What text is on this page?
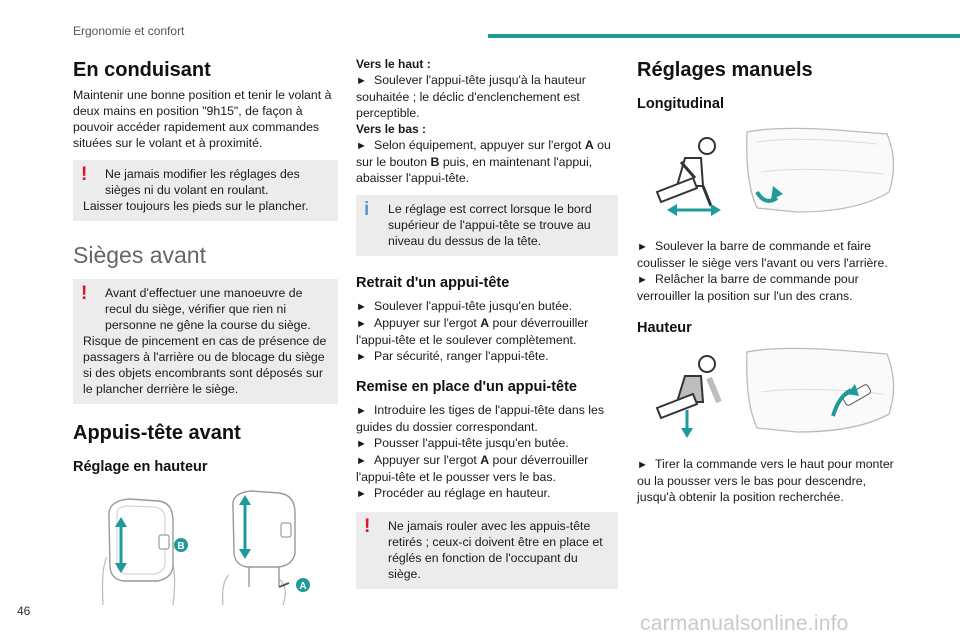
Ergonomie et confort
En conduisant

Maintenir une bonne position et tenir le volant à deux mains en position "9h15", de façon à pouvoir accéder rapidement aux commandes situées sur le volant et à proximité.

!	Ne jamais modifier les réglages des sièges ni du volant en roulant.

Laisser toujours les pieds sur le plancher.

Sièges avant
!	Avant d'effectuer une manoeuvre de recul du siège, vérifier que rien ni personne ne gêne la course du siège.

Risque de pincement en cas de présence de passagers à l'arrière ou de blocage du siège si des objets encombrants sont déposés sur le plancher derrière le siège.

Appuis-tête avant
Réglage en hauteur
B
A

Vers le haut :

► Soulever l'appui-tête jusqu'à la hauteur souhaitée ; le déclic d'enclenchement est perceptible.

Vers le bas :

► Selon équipement, appuyer sur l'ergot A ou sur le bouton B puis, en maintenant l'appui, abaisser l'appui-tête.

i	Le réglage est correct lorsque le bord supérieur de l'appui-tête se trouve au niveau du dessus de la tête.

Retrait d'un appui-tête

► Soulever l'appui-tête jusqu'en butée.

► Appuyer sur l'ergot A pour déverrouiller l'appui-tête et le soulever complètement.

► Par sécurité, ranger l'appui-tête.

Remise en place d'un appui-tête

► Introduire les tiges de l'appui-tête dans les guides du dossier correspondant.

► Pousser l'appui-tête jusqu'en butée.

► Appuyer sur l'ergot A pour déverrouiller l'appui-tête et le pousser vers le bas.

► Procéder au réglage en hauteur.

!	Ne jamais rouler avec les appuis-tête retirés ; ceux-ci doivent être en place et réglés en fonction de l'occupant du siège.

Réglages manuels
Longitudinal

► Soulever la barre de commande et faire coulisser le siège vers l'avant ou vers l'arrière.

► Relâcher la barre de commande pour verrouiller la position sur l'un des crans.

Hauteur

► Tirer la commande vers le haut pour monter ou la pousser vers le bas pour descendre, jusqu'à obtenir la position recherchée.

46
carmanualsonline.info
